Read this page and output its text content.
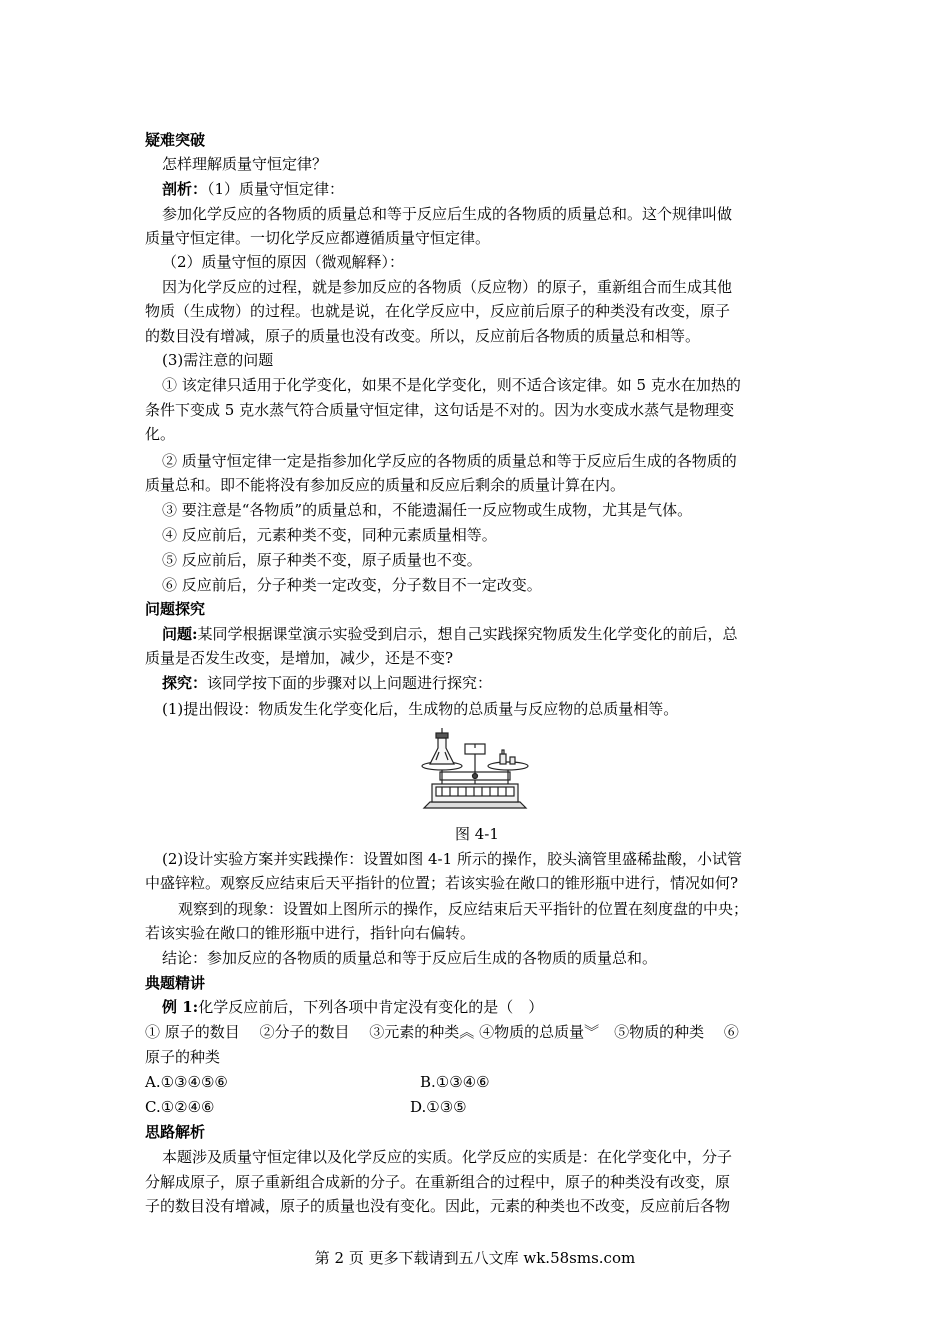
疑难突破
怎样理解质量守恒定律？
剖析：（1）质量守恒定律：
参加化学反应的各物质的质量总和等于反应后生成的各物质的质量总和。这个规律叫做
质量守恒定律。一切化学反应都遵循质量守恒定律。
（2）质量守恒的原因（微观解释）：
因为化学反应的过程，就是参加反应的各物质（反应物）的原子，重新组合而生成其他
物质（生成物）的过程。也就是说，在化学反应中，反应前后原子的种类没有改变，原子
的数目没有增减，原子的质量也没有改变。所以，反应前后各物质的质量总和相等。
(3)需注意的问题
① 该定律只适用于化学变化，如果不是化学变化，则不适合该定律。如 5 克水在加热的
条件下变成 5 克水蒸气符合质量守恒定律，这句话是不对的。因为水变成水蒸气是物理变
化。
② 质量守恒定律一定是指参加化学反应的各物质的质量总和等于反应后生成的各物质的
质量总和。即不能将没有参加反应的质量和反应后剩余的质量计算在内。
③ 要注意是“各物质”的质量总和，不能遗漏任一反应物或生成物，尤其是气体。
④ 反应前后，元素种类不变，同种元素质量相等。
⑤ 反应前后，原子种类不变，原子质量也不变。
⑥ 反应前后，分子种类一定改变，分子数目不一定改变。
问题探究
问题:某同学根据课堂演示实验受到启示，想自己实践探究物质发生化学变化的前后，总
质量是否发生改变，是增加，减少，还是不变?
探究：该同学按下面的步骤对以上问题进行探究：
(1)提出假设：物质发生化学变化后，生成物的总质量与反应物的总质量相等。
图 4-1
(2)设计实验方案并实践操作：设置如图 4-1 所示的操作，胶头滴管里盛稀盐酸，小试管
中盛锌粒。观察反应结束后天平指针的位置；若该实验在敞口的锥形瓶中进行，情况如何?
观察到的现象：设置如上图所示的操作，反应结束后天平指针的位置在刻度盘的中央；
若该实验在敞口的锥形瓶中进行，指针向右偏转。
结论：参加反应的各物质的质量总和等于反应后生成的各物质的质量总和。
典题精讲
例 1:化学反应前后，下列各项中肯定没有变化的是（　）
① 原子的数目　 ②分子的数目　 ③元素的种类︽ ④物质的总质量︾　⑤物质的种类　 ⑥
原子的种类
A.①③④⑤⑥	B.①③④⑥
C.①②④⑥	D.①③⑤
思路解析
本题涉及质量守恒定律以及化学反应的实质。化学反应的实质是：在化学变化中，分子
分解成原子，原子重新组合成新的分子。在重新组合的过程中，原子的种类没有改变，原
子的数目没有增减，原子的质量也没有变化。因此，元素的种类也不改变，反应前后各物
第 2 页 更多下载请到五八文库 wk.58sms.com
